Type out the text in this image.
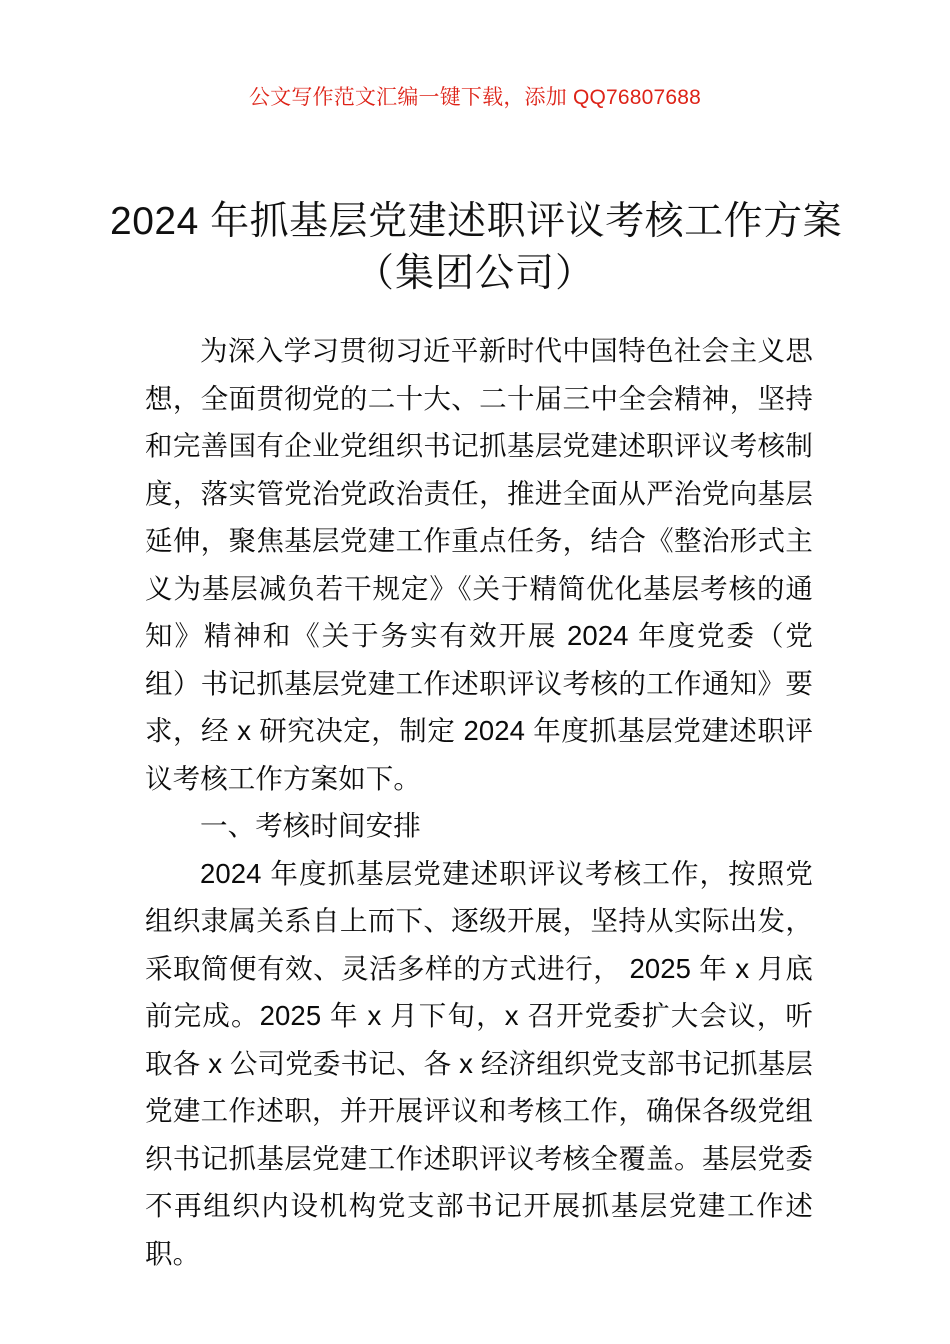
公文写作范文汇编一键下载，添加 QQ76807688
2024 年抓基层党建述职评议考核工作方案
（集团公司）

为深入学习贯彻习近平新时代中国特色社会主义思想，全面贯彻党的二十大、二十届三中全会精神，坚持和完善国有企业党组织书记抓基层党建述职评议考核制度，落实管党治党政治责任，推进全面从严治党向基层延伸，聚焦基层党建工作重点任务，结合《整治形式主义为基层减负若干规定》《关于精简优化基层考核的通知》精神和《关于务实有效开展 2024 年度党委（党组）书记抓基层党建工作述职评议考核的工作通知》要求，经 x 研究决定，制定 2024 年度抓基层党建述职评议考核工作方案如下。

一、考核时间安排

2024 年度抓基层党建述职评议考核工作，按照党组织隶属关系自上而下、逐级开展，坚持从实际出发，采取简便有效、灵活多样的方式进行， 2025 年 x 月底前完成。2025 年 x 月下旬，x 召开党委扩大会议，听取各 x 公司党委书记、各 x 经济组织党支部书记抓基层党建工作述职，并开展评议和考核工作，确保各级党组织书记抓基层党建工作述职评议考核全覆盖。基层党委不再组织内设机构党支部书记开展抓基层党建工作述职。
